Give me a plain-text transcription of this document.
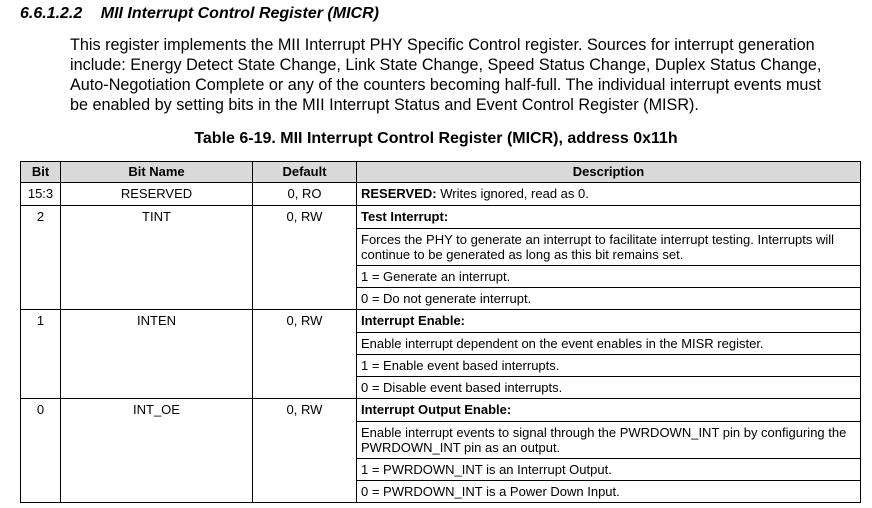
6.6.1.2.2 MII Interrupt Control Register (MICR)
This register implements the MII Interrupt PHY Specific Control register. Sources for interrupt generation
include: Energy Detect State Change, Link State Change, Speed Status Change, Duplex Status Change,
Auto-Negotiation Complete or any of the counters becoming half-full. The individual interrupt events must
be enabled by setting bits in the MII Interrupt Status and Event Control Register (MISR).
Table 6-19. MII Interrupt Control Register (MICR), address 0x11h
Bit	Bit Name	Default	Description

15:3	RESERVED	0, RO	RESERVED: Writes ignored, read as 0.

2	TINT	0, RW	Test Interrupt:
Forces the PHY to generate an interrupt to facilitate interrupt testing. Interrupts will continue to be generated as long as this bit remains set.
1 = Generate an interrupt.
0 = Do not generate interrupt.

1	INTEN	0, RW	Interrupt Enable:
Enable interrupt dependent on the event enables in the MISR register.
1 = Enable event based interrupts.
0 = Disable event based interrupts.

0	INT_OE	0, RW	Interrupt Output Enable:
Enable interrupt events to signal through the PWRDOWN_INT pin by configuring the PWRDOWN_INT pin as an output.
1 = PWRDOWN_INT is an Interrupt Output.
0 = PWRDOWN_INT is a Power Down Input.
